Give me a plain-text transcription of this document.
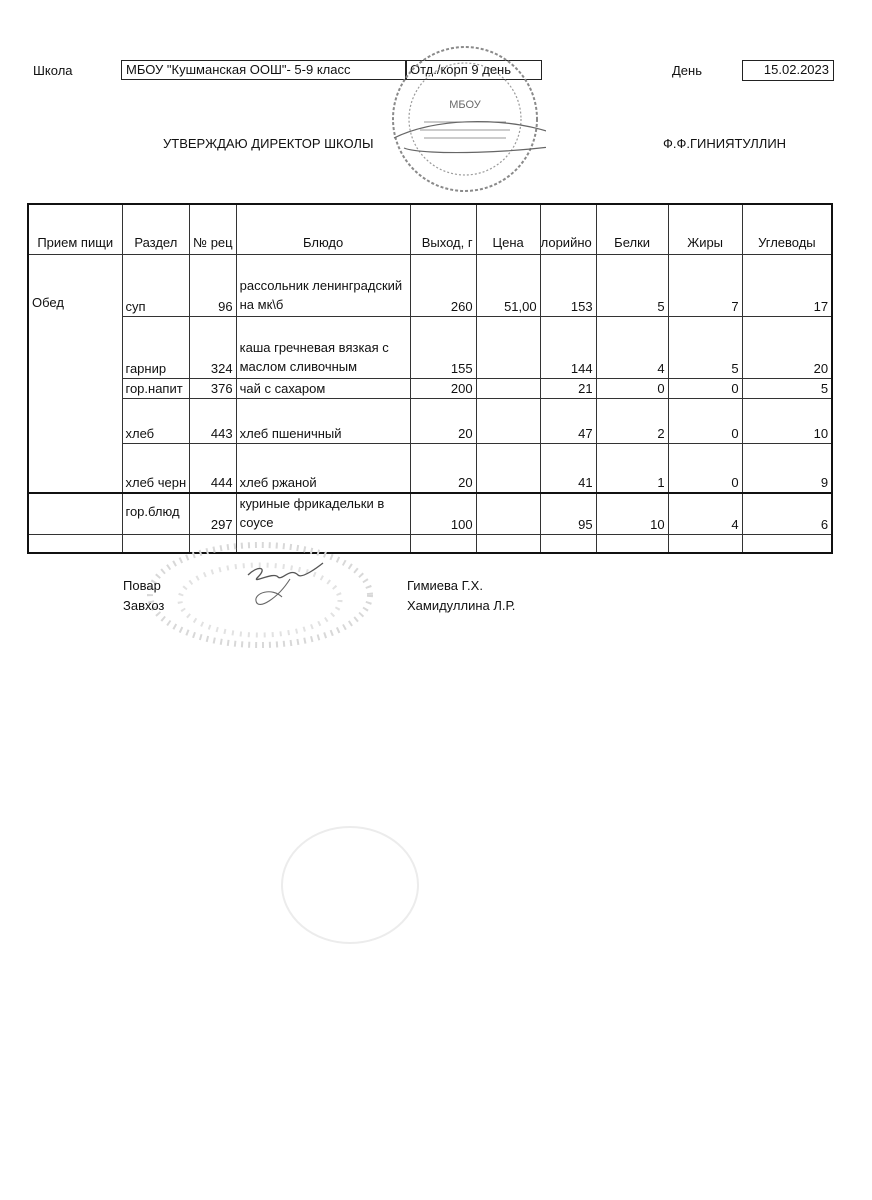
Школа	МБОУ "Кушманская ООШ"- 5-9 класс	Отд./корп 9 день	День	15.02.2023
УТВЕРЖДАЮ ДИРЕКТОР ШКОЛЫ	Ф.Ф.ГИНИЯТУЛЛИН
МБОУ
Прием пищи	Раздел	№ рец	Блюдо	Выход, г	Цена	лорийно	Белки	Жиры	Углеводы
Обед	суп	96	рассольник ленинградский на мк\б	260	51,00	153	5	7	17
	гарнир	324	каша гречневая вязкая с маслом сливочным	155		144	4	5	20
	гор.напит	376	чай с сахаром	200		21	0	0	5
	хлеб	443	хлеб пшеничный	20		47	2	0	10
	хлеб черн	444	хлеб ржаной	20		41	1	0	9
	гор.блюд	297	куриные фрикадельки в соусе	100		95	10	4	6

Повар	Гимиева Г.Х.
Завхоз	Хамидуллина Л.Р.
